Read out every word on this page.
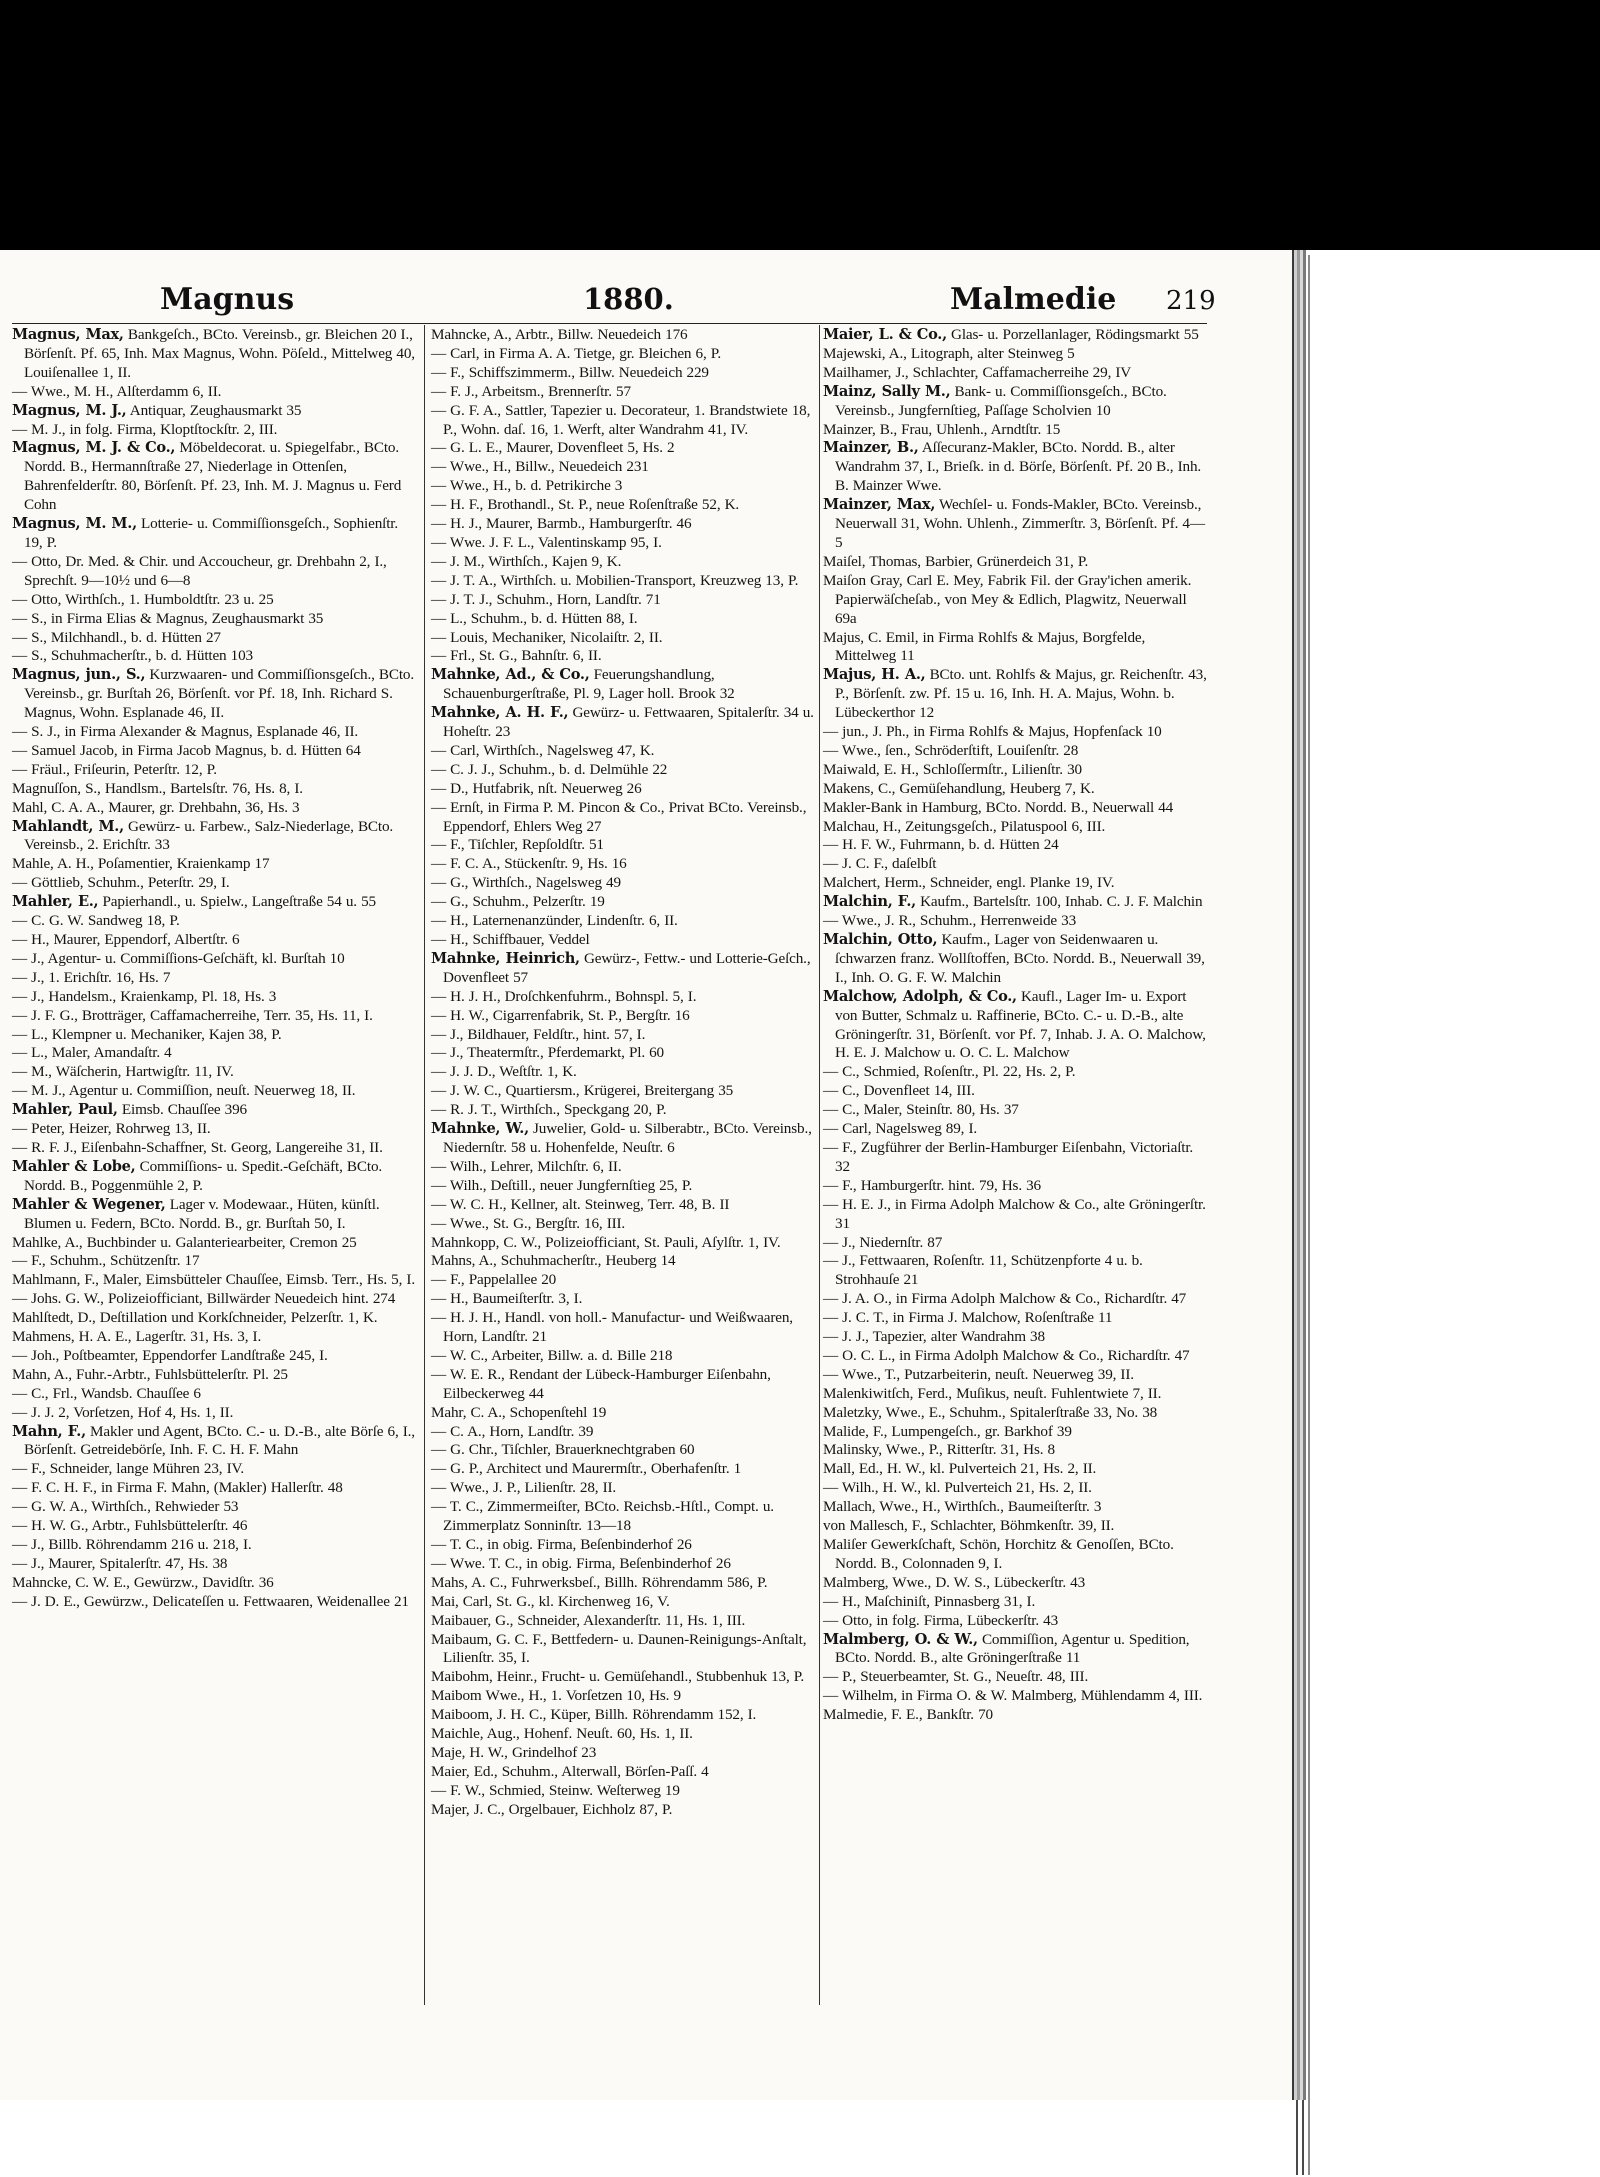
Magnus	1880.	Malmedie 219

Magnus, Max, Bankgeſch., BCto. Vereinsb., gr. Bleichen 20 I., Börſenſt. Pf. 65, Inh. Max Magnus, Wohn. Pöſeld., Mittelweg 40, Louiſenallee 1, II.

— Wwe., M. H., Alſterdamm 6, II.

Magnus, M. J., Antiquar, Zeughausmarkt 35

— M. J., in folg. Firma, Kloptſtockſtr. 2, III.

Magnus, M. J. & Co., Möbeldecorat. u. Spiegelfabr., BCto. Nordd. B., Hermannſtraße 27, Niederlage in Ottenſen, Bahrenfelderſtr. 80, Börſenſt. Pf. 23, Inh. M. J. Magnus u. Ferd Cohn

Magnus, M. M., Lotterie- u. Commiſſionsgeſch., Sophienſtr. 19, P.

— Otto, Dr. Med. & Chir. und Accoucheur, gr. Drehbahn 2, I., Sprechſt. 9—10½ und 6—8

— Otto, Wirthſch., 1. Humboldtſtr. 23 u. 25

— S., in Firma Elias & Magnus, Zeughausmarkt 35

— S., Milchhandl., b. d. Hütten 27

— S., Schuhmacherſtr., b. d. Hütten 103

Magnus, jun., S., Kurzwaaren- und Commiſſionsgeſch., BCto. Vereinsb., gr. Burſtah 26, Börſenſt. vor Pf. 18, Inh. Richard S. Magnus, Wohn. Esplanade 46, II.

— S. J., in Firma Alexander & Magnus, Esplanade 46, II.

— Samuel Jacob, in Firma Jacob Magnus, b. d. Hütten 64

— Fräul., Friſeurin, Peterſtr. 12, P.

Magnuſſon, S., Handlsm., Bartelsſtr. 76, Hs. 8, I.

Mahl, C. A. A., Maurer, gr. Drehbahn, 36, Hs. 3

Mahlandt, M., Gewürz- u. Farbew., Salz-Niederlage, BCto. Vereinsb., 2. Erichſtr. 33

Mahle, A. H., Poſamentier, Kraienkamp 17

— Göttlieb, Schuhm., Peterſtr. 29, I.

Mahler, E., Papierhandl., u. Spielw., Langeſtraße 54 u. 55

— C. G. W. Sandweg 18, P.

— H., Maurer, Eppendorf, Albertſtr. 6

— J., Agentur- u. Commiſſions-Geſchäft, kl. Burſtah 10

— J., 1. Erichſtr. 16, Hs. 7

— J., Handelsm., Kraienkamp, Pl. 18, Hs. 3

— J. F. G., Brotträger, Caffamacherreihe, Terr. 35, Hs. 11, I.

— L., Klempner u. Mechaniker, Kajen 38, P.

— L., Maler, Amandaſtr. 4

— M., Wäſcherin, Hartwigſtr. 11, IV.

— M. J., Agentur u. Commiſſion, neuſt. Neuerweg 18, II.

Mahler, Paul, Eimsb. Chauſſee 396

— Peter, Heizer, Rohrweg 13, II.

— R. F. J., Eiſenbahn-Schaffner, St. Georg, Langereihe 31, II.

Mahler & Lobe, Commiſſions- u. Spedit.-Geſchäft, BCto. Nordd. B., Poggenmühle 2, P.

Mahler & Wegener, Lager v. Modewaar., Hüten, künſtl. Blumen u. Federn, BCto. Nordd. B., gr. Burſtah 50, I.

Mahlke, A., Buchbinder u. Galanteriearbeiter, Cremon 25

— F., Schuhm., Schützenſtr. 17

Mahlmann, F., Maler, Eimsbütteler Chauſſee, Eimsb. Terr., Hs. 5, I.

— Johs. G. W., Polizeiofficiant, Billwärder Neuedeich hint. 274

Mahlſtedt, D., Deſtillation und Korkſchneider, Pelzerſtr. 1, K.

Mahmens, H. A. E., Lagerſtr. 31, Hs. 3, I.

— Joh., Poſtbeamter, Eppendorfer Landſtraße 245, I.

Mahn, A., Fuhr.-Arbtr., Fuhlsbüttelerſtr. Pl. 25

— C., Frl., Wandsb. Chauſſee 6

— J. J. 2, Vorſetzen, Hof 4, Hs. 1, II.

Mahn, F., Makler und Agent, BCto. C.- u. D.-B., alte Börſe 6, I., Börſenſt. Getreidebörſe, Inh. F. C. H. F. Mahn

— F., Schneider, lange Mühren 23, IV.

— F. C. H. F., in Firma F. Mahn, (Makler) Hallerſtr. 48

— G. W. A., Wirthſch., Rehwieder 53

— H. W. G., Arbtr., Fuhlsbüttelerſtr. 46

— J., Billb. Röhrendamm 216 u. 218, I.

— J., Maurer, Spitalerſtr. 47, Hs. 38

Mahncke, C. W. E., Gewürzw., Davidſtr. 36

— J. D. E., Gewürzw., Delicateſſen u. Fettwaaren, Weidenallee 21

Mahncke, A., Arbtr., Billw. Neuedeich 176

— Carl, in Firma A. A. Tietge, gr. Bleichen 6, P.

— F., Schiffszimmerm., Billw. Neuedeich 229

— F. J., Arbeitsm., Brennerſtr. 57

— G. F. A., Sattler, Tapezier u. Decorateur, 1. Brandstwiete 18, P., Wohn. daſ. 16, 1. Werft, alter Wandrahm 41, IV.

— G. L. E., Maurer, Dovenfleet 5, Hs. 2

— Wwe., H., Billw., Neuedeich 231

— Wwe., H., b. d. Petrikirche 3

— H. F., Brothandl., St. P., neue Roſenſtraße 52, K.

— H. J., Maurer, Barmb., Hamburgerſtr. 46

— Wwe. J. F. L., Valentinskamp 95, I.

— J. M., Wirthſch., Kajen 9, K.

— J. T. A., Wirthſch. u. Mobilien-Transport, Kreuzweg 13, P.

— J. T. J., Schuhm., Horn, Landſtr. 71

— L., Schuhm., b. d. Hütten 88, I.

— Louis, Mechaniker, Nicolaiſtr. 2, II.

— Frl., St. G., Bahnſtr. 6, II.

Mahnke, Ad., & Co., Feuerungshandlung, Schauenburgerſtraße, Pl. 9, Lager holl. Brook 32

Mahnke, A. H. F., Gewürz- u. Fettwaaren, Spitalerſtr. 34 u. Hoheſtr. 23

— Carl, Wirthſch., Nagelsweg 47, K.

— C. J. J., Schuhm., b. d. Delmühle 22

— D., Hutfabrik, nſt. Neuerweg 26

— Ernſt, in Firma P. M. Pincon & Co., Privat BCto. Vereinsb., Eppendorf, Ehlers Weg 27

— F., Tiſchler, Repſoldſtr. 51

— F. C. A., Stückenſtr. 9, Hs. 16

— G., Wirthſch., Nagelsweg 49

— G., Schuhm., Pelzerſtr. 19

— H., Laternenanzünder, Lindenſtr. 6, II.

— H., Schiffbauer, Veddel

Mahnke, Heinrich, Gewürz-, Fettw.- und Lotterie-Geſch., Dovenfleet 57

— H. J. H., Droſchkenfuhrm., Bohnspl. 5, I.

— H. W., Cigarrenfabrik, St. P., Bergſtr. 16

— J., Bildhauer, Feldſtr., hint. 57, I.

— J., Theatermſtr., Pferdemarkt, Pl. 60

— J. J. D., Weſtſtr. 1, K.

— J. W. C., Quartiersm., Krügerei, Breitergang 35

— R. J. T., Wirthſch., Speckgang 20, P.

Mahnke, W., Juwelier, Gold- u. Silberabtr., BCto. Vereinsb., Niedernſtr. 58 u. Hohenfelde, Neuſtr. 6

— Wilh., Lehrer, Milchſtr. 6, II.

— Wilh., Deſtill., neuer Jungfernſtieg 25, P.

— W. C. H., Kellner, alt. Steinweg, Terr. 48, B. II

— Wwe., St. G., Bergſtr. 16, III.

Mahnkopp, C. W., Polizeiofficiant, St. Pauli, Aſylſtr. 1, IV.

Mahns, A., Schuhmacherſtr., Heuberg 14

— F., Pappelallee 20

— H., Baumeiſterſtr. 3, I.

— H. J. H., Handl. von holl.- Manufactur- und Weißwaaren, Horn, Landſtr. 21

— W. C., Arbeiter, Billw. a. d. Bille 218

— W. E. R., Rendant der Lübeck-Hamburger Eiſenbahn, Eilbeckerweg 44

Mahr, C. A., Schopenſtehl 19

— C. A., Horn, Landſtr. 39

— G. Chr., Tiſchler, Brauerknechtgraben 60

— G. P., Architect und Maurermſtr., Oberhafenſtr. 1

— Wwe., J. P., Lilienſtr. 28, II.

— T. C., Zimmermeiſter, BCto. Reichsb.-Hſtl., Compt. u. Zimmerplatz Sonninſtr. 13—18

— T. C., in obig. Firma, Beſenbinderhof 26

— Wwe. T. C., in obig. Firma, Beſenbinderhof 26

Mahs, A. C., Fuhrwerksbeſ., Billh. Röhrendamm 586, P.

Mai, Carl, St. G., kl. Kirchenweg 16, V.

Maibauer, G., Schneider, Alexanderſtr. 11, Hs. 1, III.

Maibaum, G. C. F., Bettfedern- u. Daunen-Reinigungs-Anſtalt, Lilienſtr. 35, I.

Maibohm, Heinr., Frucht- u. Gemüſehandl., Stubbenhuk 13, P.

Maibom Wwe., H., 1. Vorſetzen 10, Hs. 9

Maiboom, J. H. C., Küper, Billh. Röhrendamm 152, I.

Maichle, Aug., Hohenf. Neuſt. 60, Hs. 1, II.

Maje, H. W., Grindelhof 23

Maier, Ed., Schuhm., Alterwall, Börſen-Paſſ. 4

— F. W., Schmied, Steinw. Weſterweg 19

Majer, J. C., Orgelbauer, Eichholz 87, P.

Maier, L. & Co., Glas- u. Porzellanlager, Rödingsmarkt 55

Majewski, A., Litograph, alter Steinweg 5

Mailhamer, J., Schlachter, Caffamacherreihe 29, IV

Mainz, Sally M., Bank- u. Commiſſionsgeſch., BCto. Vereinsb., Jungfernſtieg, Paſſage Scholvien 10

Mainzer, B., Frau, Uhlenh., Arndtſtr. 15

Mainzer, B., Aſſecuranz-Makler, BCto. Nordd. B., alter Wandrahm 37, I., Brieſk. in d. Börſe, Börſenſt. Pf. 20 B., Inh. B. Mainzer Wwe.

Mainzer, Max, Wechſel- u. Fonds-Makler, BCto. Vereinsb., Neuerwall 31, Wohn. Uhlenh., Zimmerſtr. 3, Börſenſt. Pf. 4—5

Maiſel, Thomas, Barbier, Grünerdeich 31, P.

Maiſon Gray, Carl E. Mey, Fabrik Fil. der Gray'ichen amerik. Papierwäſcheſab., von Mey & Edlich, Plagwitz, Neuerwall 69a

Majus, C. Emil, in Firma Rohlfs & Majus, Borgfelde, Mittelweg 11

Majus, H. A., BCto. unt. Rohlfs & Majus, gr. Reichenſtr. 43, P., Börſenſt. zw. Pf. 15 u. 16, Inh. H. A. Majus, Wohn. b. Lübeckerthor 12

— jun., J. Ph., in Firma Rohlfs & Majus, Hopfenſack 10

— Wwe., ſen., Schröderſtift, Louiſenſtr. 28

Maiwald, E. H., Schloſſermſtr., Lilienſtr. 30

Makens, C., Gemüſehandlung, Heuberg 7, K.

Makler-Bank in Hamburg, BCto. Nordd. B., Neuerwall 44

Malchau, H., Zeitungsgeſch., Pilatuspool 6, III.

— H. F. W., Fuhrmann, b. d. Hütten 24

— J. C. F., daſelbſt

Malchert, Herm., Schneider, engl. Planke 19, IV.

Malchin, F., Kaufm., Bartelsſtr. 100, Inhab. C. J. F. Malchin

— Wwe., J. R., Schuhm., Herrenweide 33

Malchin, Otto, Kaufm., Lager von Seidenwaaren u. ſchwarzen franz. Wollſtoffen, BCto. Nordd. B., Neuerwall 39, I., Inh. O. G. F. W. Malchin

Malchow, Adolph, & Co., Kaufl., Lager Im- u. Export von Butter, Schmalz u. Raffinerie, BCto. C.- u. D.-B., alte Gröningerſtr. 31, Börſenſt. vor Pf. 7, Inhab. J. A. O. Malchow, H. E. J. Malchow u. O. C. L. Malchow

— C., Schmied, Roſenſtr., Pl. 22, Hs. 2, P.

— C., Dovenfleet 14, III.

— C., Maler, Steinſtr. 80, Hs. 37

— Carl, Nagelsweg 89, I.

— F., Zugführer der Berlin-Hamburger Eiſenbahn, Victoriaſtr. 32

— F., Hamburgerſtr. hint. 79, Hs. 36

— H. E. J., in Firma Adolph Malchow & Co., alte Gröningerſtr. 31

— J., Niedernſtr. 87

— J., Fettwaaren, Roſenſtr. 11, Schützenpforte 4 u. b. Strohhauſe 21

— J. A. O., in Firma Adolph Malchow & Co., Richardſtr. 47

— J. C. T., in Firma J. Malchow, Roſenſtraße 11

— J. J., Tapezier, alter Wandrahm 38

— O. C. L., in Firma Adolph Malchow & Co., Richardſtr. 47

— Wwe., T., Putzarbeiterin, neuſt. Neuerweg 39, II.

Malenkiwitſch, Ferd., Muſikus, neuſt. Fuhlentwiete 7, II.

Maletzky, Wwe., E., Schuhm., Spitalerſtraße 33, No. 38

Malide, F., Lumpengeſch., gr. Barkhof 39

Malinsky, Wwe., P., Ritterſtr. 31, Hs. 8

Mall, Ed., H. W., kl. Pulverteich 21, Hs. 2, II.

— Wilh., H. W., kl. Pulverteich 21, Hs. 2, II.

Mallach, Wwe., H., Wirthſch., Baumeiſterſtr. 3

von Mallesch, F., Schlachter, Böhmkenſtr. 39, II.

Maliſer Gewerkſchaft, Schön, Horchitz & Genoſſen, BCto. Nordd. B., Colonnaden 9, I.

Malmberg, Wwe., D. W. S., Lübeckerſtr. 43

— H., Maſchiniſt, Pinnasberg 31, I.

— Otto, in folg. Firma, Lübeckerſtr. 43

Malmberg, O. & W., Commiſſion, Agentur u. Spedition, BCto. Nordd. B., alte Gröningerſtraße 11

— P., Steuerbeamter, St. G., Neueſtr. 48, III.

— Wilhelm, in Firma O. & W. Malmberg, Mühlendamm 4, III.

Malmedie, F. E., Bankſtr. 70
